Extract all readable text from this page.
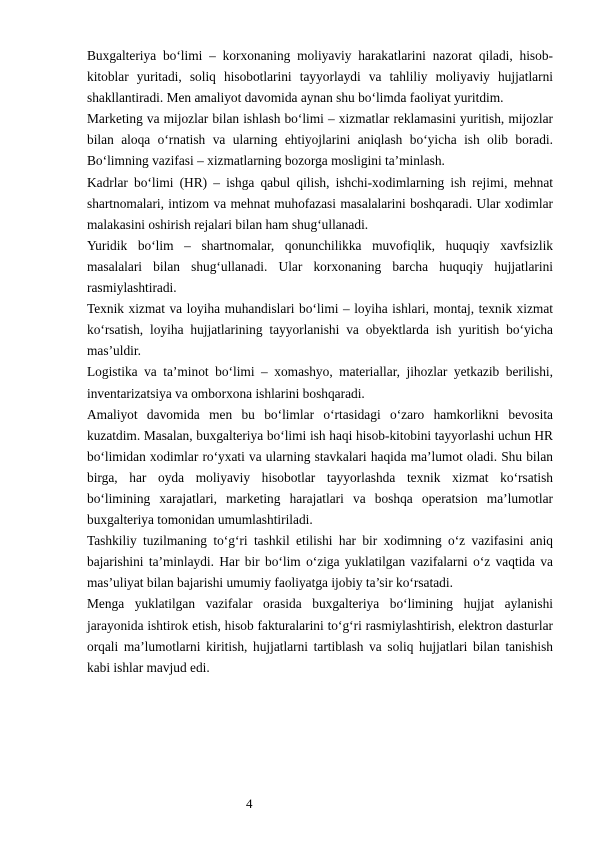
Buxgalteriya bo‘limi – korxonaning moliyaviy harakatlarini nazorat qiladi, hisob-kitoblar yuritadi, soliq hisobotlarini tayyorlaydi va tahliliy moliyaviy hujjatlarni shakllantiradi. Men amaliyot davomida aynan shu bo‘limda faoliyat yuritdim.

Marketing va mijozlar bilan ishlash bo‘limi – xizmatlar reklamasini yuritish, mijozlar bilan aloqa o‘rnatish va ularning ehtiyojlarini aniqlash bo‘yicha ish olib boradi. Bo‘limning vazifasi – xizmatlarning bozorga mosligini ta’minlash.

Kadrlar bo‘limi (HR) – ishga qabul qilish, ishchi-xodimlarning ish rejimi, mehnat shartnomalari, intizom va mehnat muhofazasi masalalarini boshqaradi. Ular xodimlar malakasini oshirish rejalari bilan ham shug‘ullanadi.

Yuridik bo‘lim – shartnomalar, qonunchilikka muvofiqlik, huquqiy xavfsizlik masalalari bilan shug‘ullanadi. Ular korxonaning barcha huquqiy hujjatlarini rasmiylashtiradi.

Texnik xizmat va loyiha muhandislari bo‘limi – loyiha ishlari, montaj, texnik xizmat ko‘rsatish, loyiha hujjatlarining tayyorlanishi va obyektlarda ish yuritish bo‘yicha mas’uldir.

Logistika va ta’minot bo‘limi – xomashyo, materiallar, jihozlar yetkazib berilishi, inventarizatsiya va omborxona ishlarini boshqaradi.

Amaliyot davomida men bu bo‘limlar o‘rtasidagi o‘zaro hamkorlikni bevosita kuzatdim. Masalan, buxgalteriya bo‘limi ish haqi hisob-kitobini tayyorlashi uchun HR bo‘limidan xodimlar ro‘yxati va ularning stavkalari haqida ma’lumot oladi. Shu bilan birga, har oyda moliyaviy hisobotlar tayyorlashda texnik xizmat ko‘rsatish bo‘limining xarajatlari, marketing harajatlari va boshqa operatsion ma’lumotlar buxgalteriya tomonidan umumlashtiriladi.

Tashkiliy tuzilmaning to‘g‘ri tashkil etilishi har bir xodimning o‘z vazifasini aniq bajarishini ta’minlaydi. Har bir bo‘lim o‘ziga yuklatilgan vazifalarni o‘z vaqtida va mas’uliyat bilan bajarishi umumiy faoliyatga ijobiy ta’sir ko‘rsatadi.

Menga yuklatilgan vazifalar orasida buxgalteriya bo‘limining hujjat aylanishi jarayonida ishtirok etish, hisob fakturalarini to‘g‘ri rasmiylashtirish, elektron dasturlar orqali ma’lumotlarni kiritish, hujjatlarni tartiblash va soliq hujjatlari bilan tanishish kabi ishlar mavjud edi.

4
